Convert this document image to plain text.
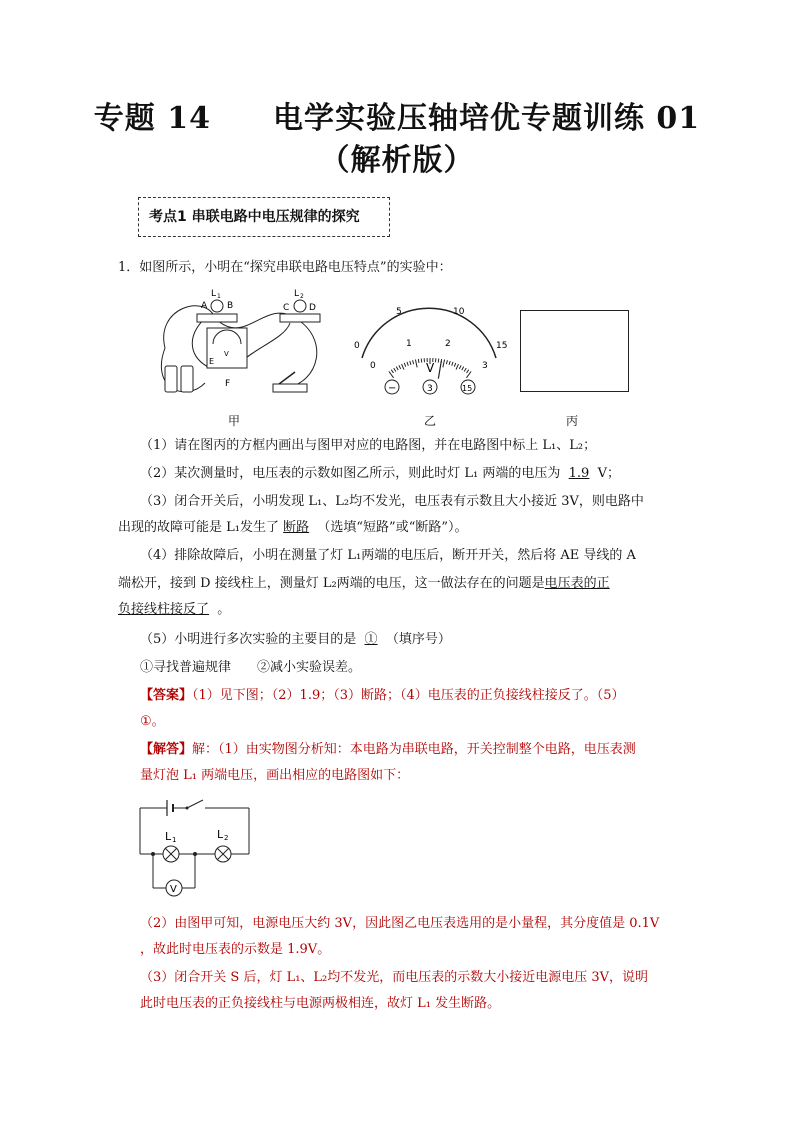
专题 14　　电学实验压轴培优专题训练 01
（解析版）
考点1 串联电路中电压规律的探究
1．如图所示，小明在“探究串联电路电压特点”的实验中：
A B
L 1
C D
L 2
E
F
V
0
5	10
15
0
1	2
3
V
−	3	15
甲	乙	丙
（1）请在图丙的方框内画出与图甲对应的电路图，并在电路图中标上 L₁、L₂；
（2）某次测量时，电压表的示数如图乙所示，则此时灯 L₁ 两端的电压为 1.9 V；
（3）闭合开关后，小明发现 L₁、L₂均不发光，电压表有示数且大小接近 3V，则电路中
出现的故障可能是 L₁发生了 断路 （选填“短路”或“断路”）。
（4）排除故障后，小明在测量了灯 L₁两端的电压后，断开开关，然后将 AE 导线的 A
端松开，接到 D 接线柱上，测量灯 L₂两端的电压，这一做法存在的问题是电压表的正
负接线柱接反了 。
（5）小明进行多次实验的主要目的是 ① （填序号）
①寻找普遍规律　　②减小实验误差。
【答案】（1）见下图；（2）1.9；（3）断路；（4）电压表的正负接线柱接反了。（5）
①。
【解答】解：（1）由实物图分析知：本电路为串联电路，开关控制整个电路，电压表测
量灯泡 L₁ 两端电压，画出相应的电路图如下：
L 1	L 2
V
（2）由图甲可知，电源电压大约 3V，因此图乙电压表选用的是小量程，其分度值是 0.1V
，故此时电压表的示数是 1.9V。
（3）闭合开关 S 后，灯 L₁、L₂均不发光，而电压表的示数大小接近电源电压 3V，说明
此时电压表的正负接线柱与电源两极相连，故灯 L₁ 发生断路。
